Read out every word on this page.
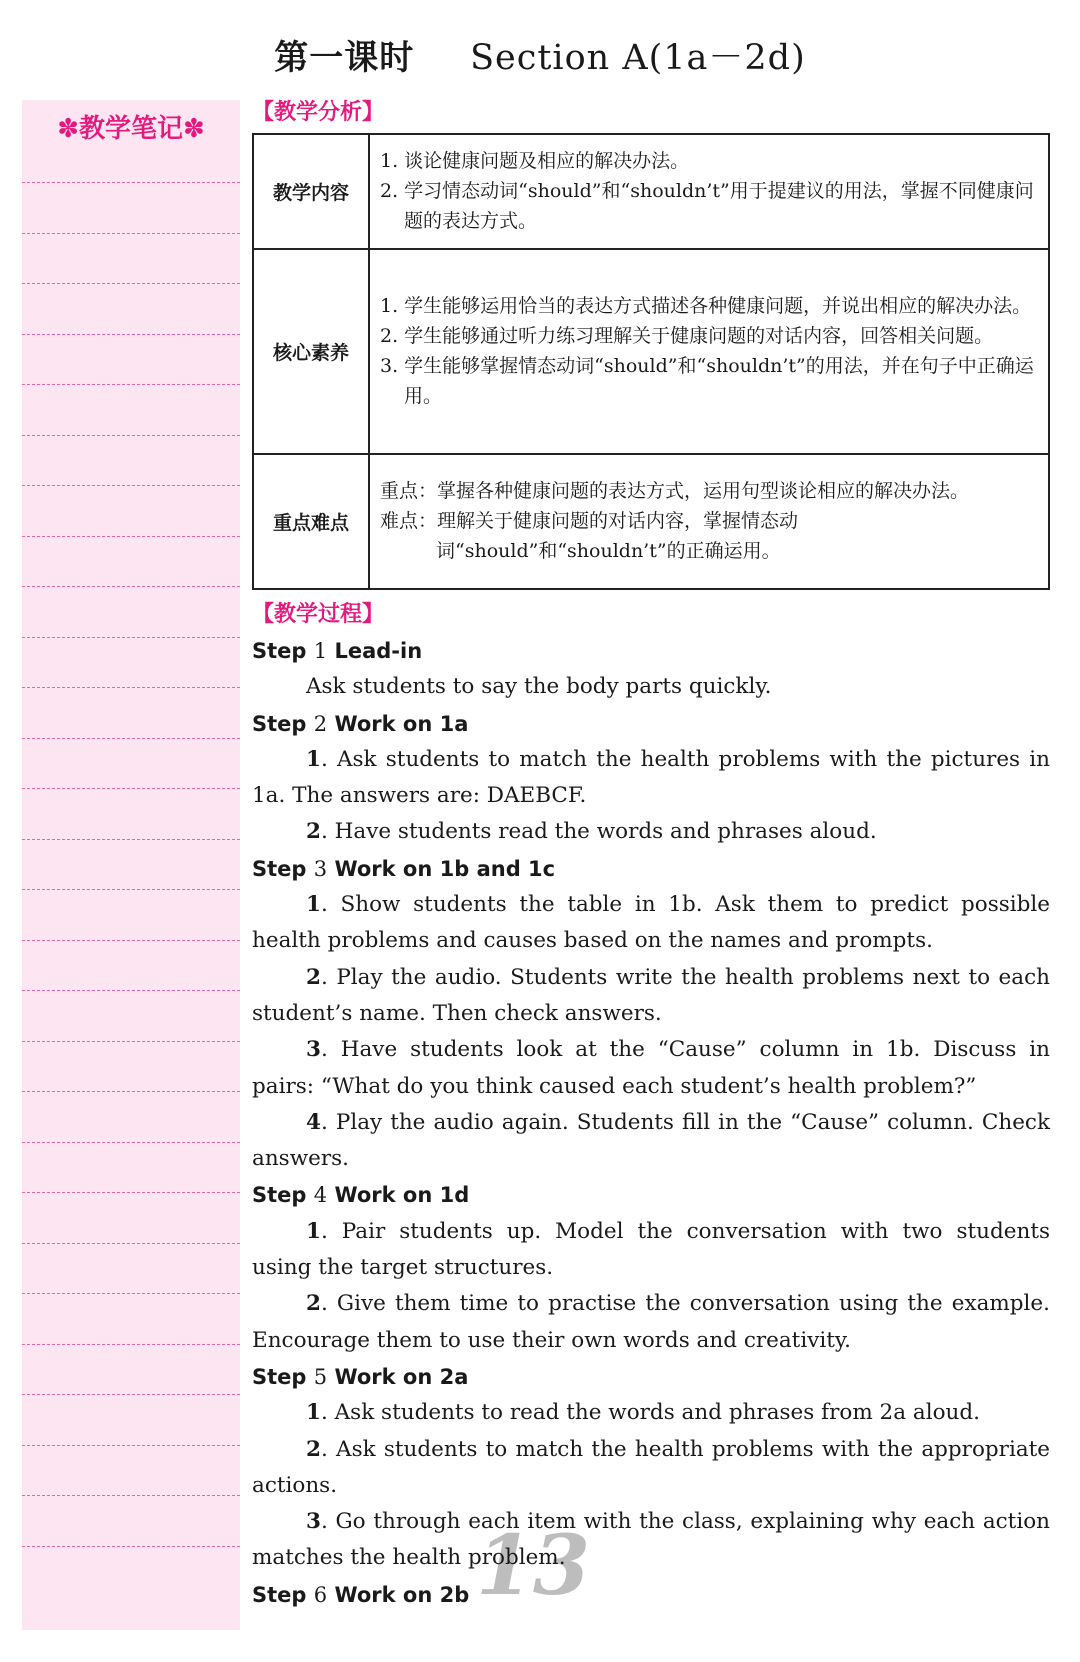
第一课时 Section A(1a－2d)
✽教学笔记✽
【教学分析】
教学内容	1. 谈论健康问题及相应的解决办法。
2. 学习情态动词“should”和“shouldn’t”用于提建议的用法，掌握不同健康问题的表达方式。

核心素养	1. 学生能够运用恰当的表达方式描述各种健康问题，并说出相应的解决办法。
2. 学生能够通过听力练习理解关于健康问题的对话内容，回答相关问题。
3. 学生能够掌握情态动词“should”和“shouldn’t”的用法，并在句子中正确运用。

重点难点	重点：掌握各种健康问题的表达方式，运用句型谈论相应的解决办法。
难点：理解关于健康问题的对话内容，掌握情态动词“should”和“shouldn’t”的正确运用。
【教学过程】
13
Step 1 Lead-in

Ask students to say the body parts quickly.

Step 2 Work on 1a

1. Ask students to match the health problems with the pictures in 1a. The answers are: DAEBCF.

2. Have students read the words and phrases aloud.

Step 3 Work on 1b and 1c

1. Show students the table in 1b. Ask them to predict possible health problems and causes based on the names and prompts.

2. Play the audio. Students write the health problems next to each student’s name. Then check answers.

3. Have students look at the “Cause” column in 1b. Discuss in pairs: “What do you think caused each student’s health problem?”

4. Play the audio again. Students fill in the “Cause” column. Check answers.

Step 4 Work on 1d

1. Pair students up. Model the conversation with two students using the target structures.

2. Give them time to practise the conversation using the example. Encourage them to use their own words and creativity.

Step 5 Work on 2a

1. Ask students to read the words and phrases from 2a aloud.

2. Ask students to match the health problems with the appropriate actions.

3. Go through each item with the class, explaining why each action matches the health problem.

Step 6 Work on 2b
